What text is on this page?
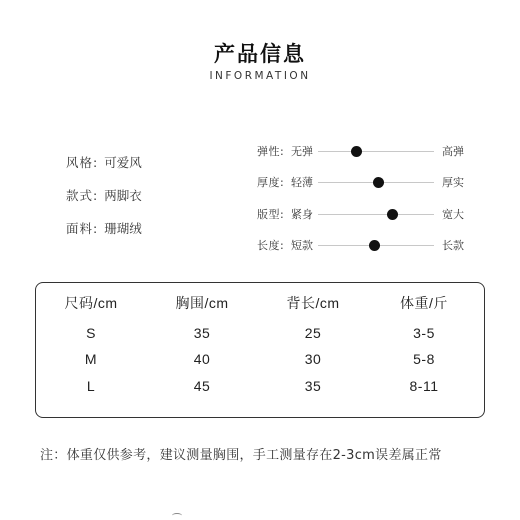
产品信息
INFORMATION
风格: 可爱风
款式: 两脚衣
面料: 珊瑚绒
弹性: 无弹	高弹
厚度: 轻薄	厚实
版型: 紧身	宽大
长度: 短款	长款
尺码/cm	胸围/cm	背长/cm	体重/斤
S	35	25	3-5
M	40	30	5-8
L	45	35	8-11
注：体重仅供参考，建议测量胸围，手工测量存在2-3cm误差属正常
